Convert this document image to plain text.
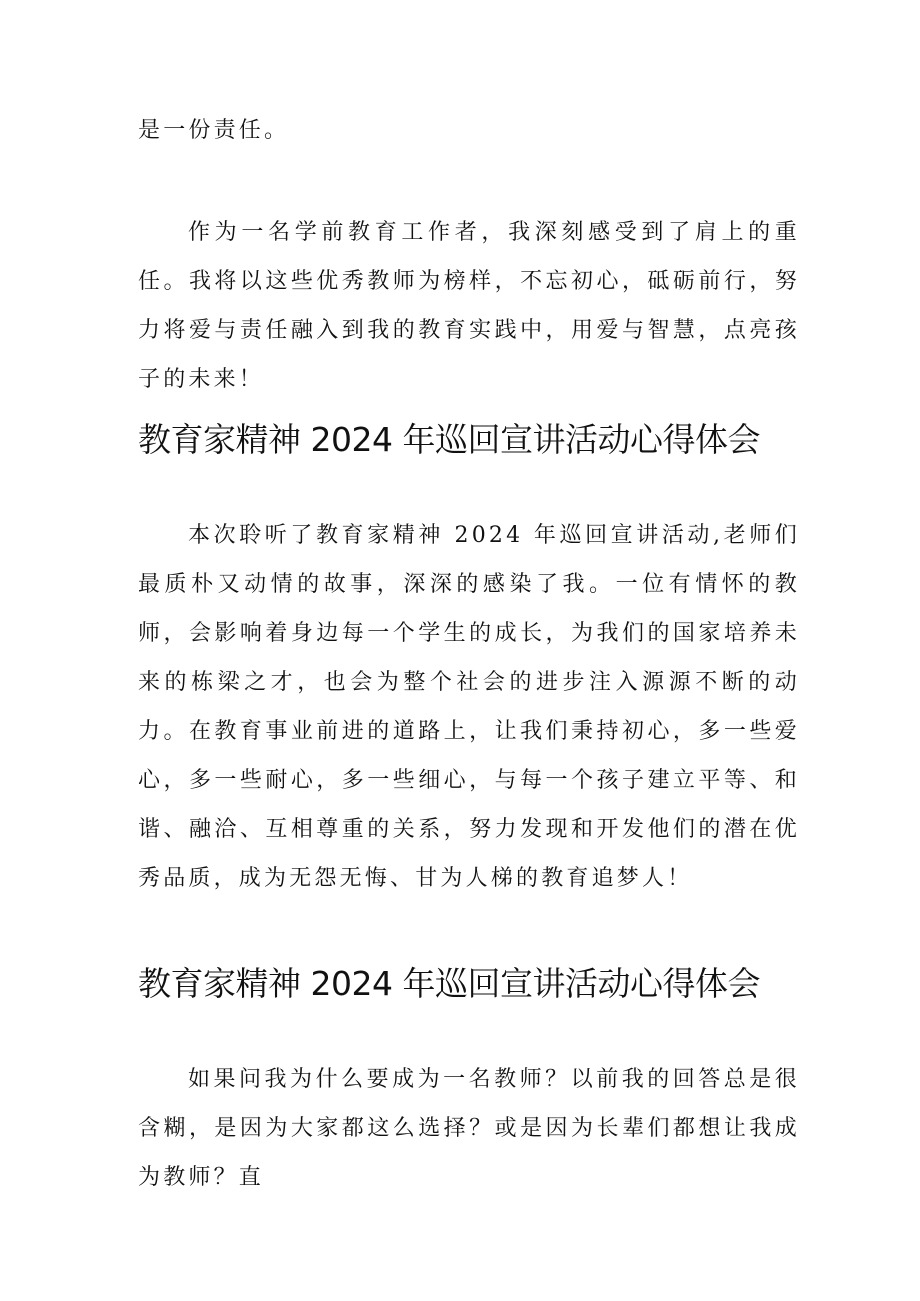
是一份责任。

作为一名学前教育工作者，我深刻感受到了肩上的重任。我将以这些优秀教师为榜样，不忘初心，砥砺前行，努力将爱与责任融入到我的教育实践中，用爱与智慧，点亮孩子的未来！

教育家精神 2024 年巡回宣讲活动心得体会

本次聆听了教育家精神 2024 年巡回宣讲活动,老师们最质朴又动情的故事，深深的感染了我。一位有情怀的教师，会影响着身边每一个学生的成长，为我们的国家培养未来的栋梁之才，也会为整个社会的进步注入源源不断的动力。在教育事业前进的道路上，让我们秉持初心，多一些爱心，多一些耐心，多一些细心，与每一个孩子建立平等、和谐、融洽、互相尊重的关系，努力发现和开发他们的潜在优秀品质，成为无怨无悔、甘为人梯的教育追梦人！

教育家精神 2024 年巡回宣讲活动心得体会

如果问我为什么要成为一名教师？以前我的回答总是很含糊，是因为大家都这么选择？或是因为长辈们都想让我成为教师？直
